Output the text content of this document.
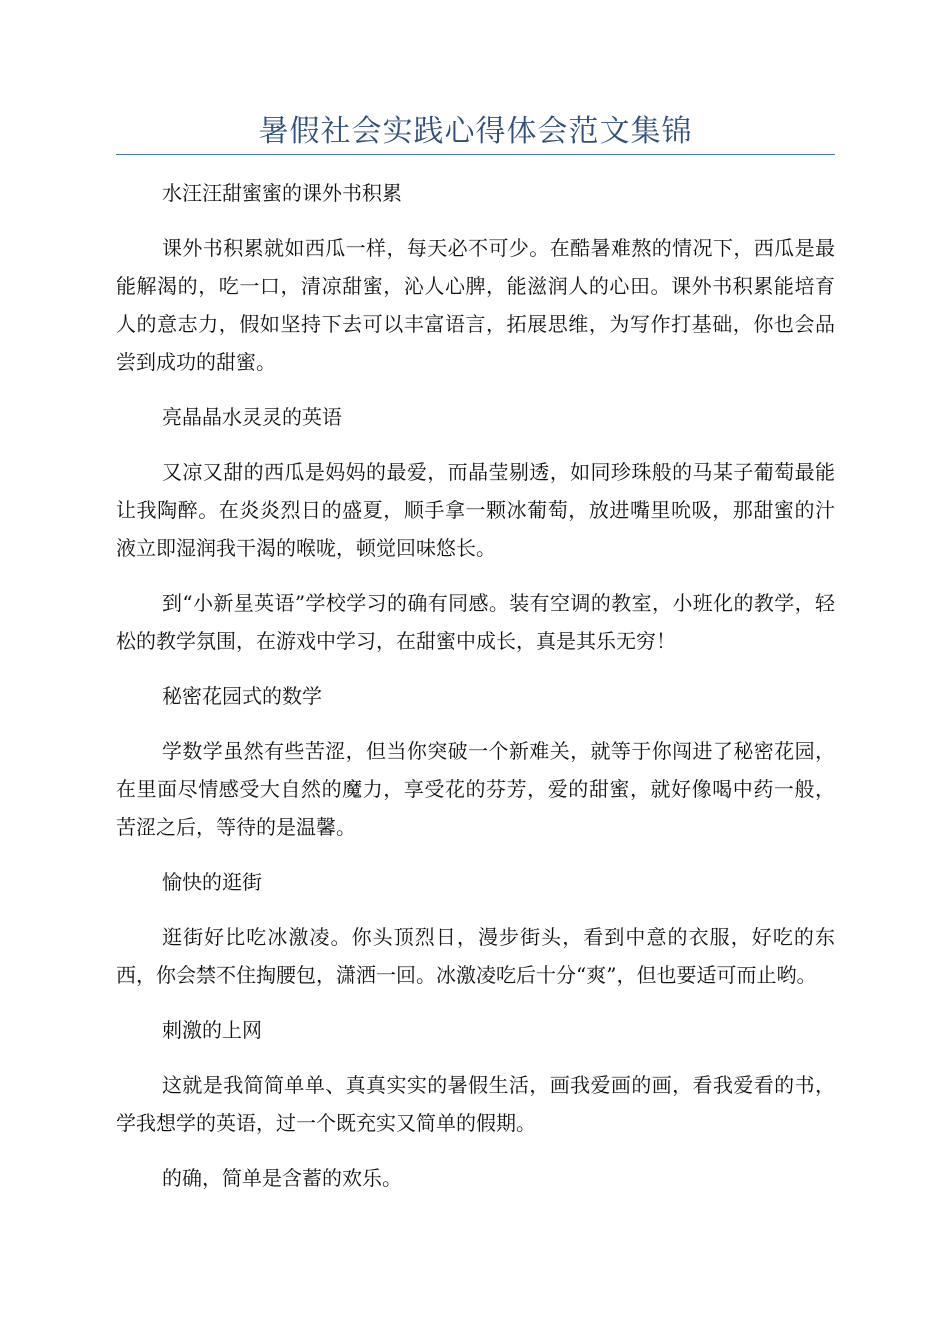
暑假社会实践心得体会范文集锦

水汪汪甜蜜蜜的课外书积累

课外书积累就如西瓜一样，每天必不可少。在酷暑难熬的情况下，西瓜是最能解渴的，吃一口，清凉甜蜜，沁人心脾，能滋润人的心田。课外书积累能培育人的意志力，假如坚持下去可以丰富语言，拓展思维，为写作打基础，你也会品尝到成功的甜蜜。

亮晶晶水灵灵的英语

又凉又甜的西瓜是妈妈的最爱，而晶莹剔透，如同珍珠般的马某子葡萄最能让我陶醉。在炎炎烈日的盛夏，顺手拿一颗冰葡萄，放进嘴里吮吸，那甜蜜的汁液立即湿润我干渴的喉咙，顿觉回味悠长。

到“小新星英语”学校学习的确有同感。装有空调的教室，小班化的教学，轻松的教学氛围，在游戏中学习，在甜蜜中成长，真是其乐无穷！

秘密花园式的数学

学数学虽然有些苦涩，但当你突破一个新难关，就等于你闯进了秘密花园，在里面尽情感受大自然的魔力，享受花的芬芳，爱的甜蜜，就好像喝中药一般，苦涩之后，等待的是温馨。

愉快的逛街

逛街好比吃冰激凌。你头顶烈日，漫步街头，看到中意的衣服，好吃的东西，你会禁不住掏腰包，潇洒一回。冰激凌吃后十分“爽”，但也要适可而止哟。

刺激的上网

这就是我简简单单、真真实实的暑假生活，画我爱画的画，看我爱看的书，学我想学的英语，过一个既充实又简单的假期。

的确，简单是含蓄的欢乐。
